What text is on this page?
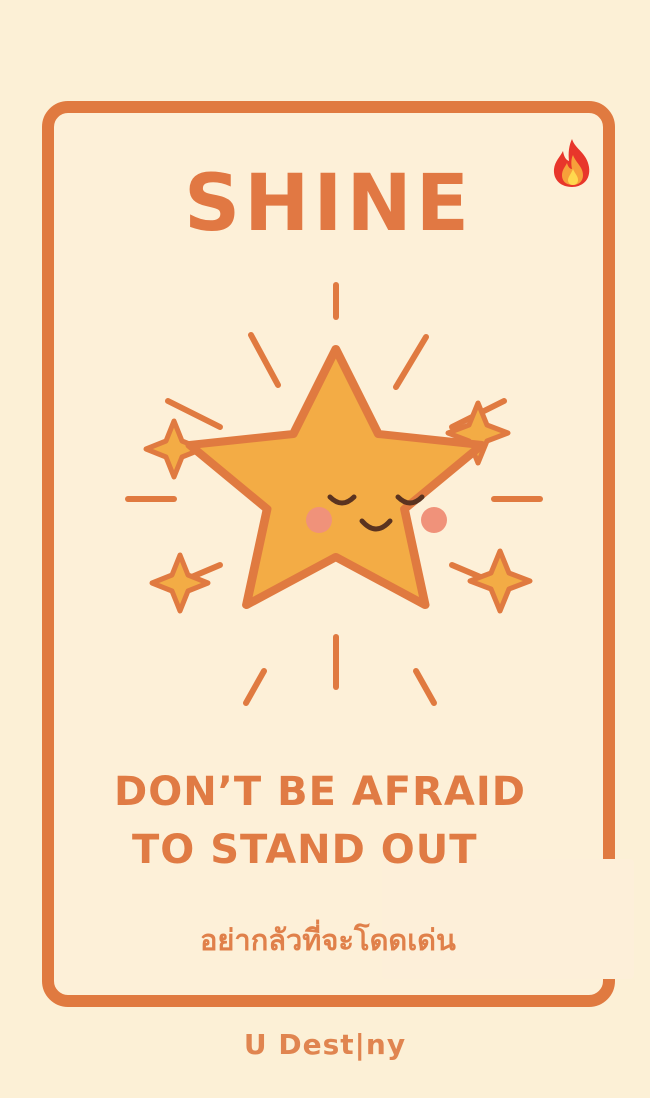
SHINE
DON’T BE AFRAID
TO STAND OUT
อย่ากลัวที่จะโดดเด่น
U Dest|ny
